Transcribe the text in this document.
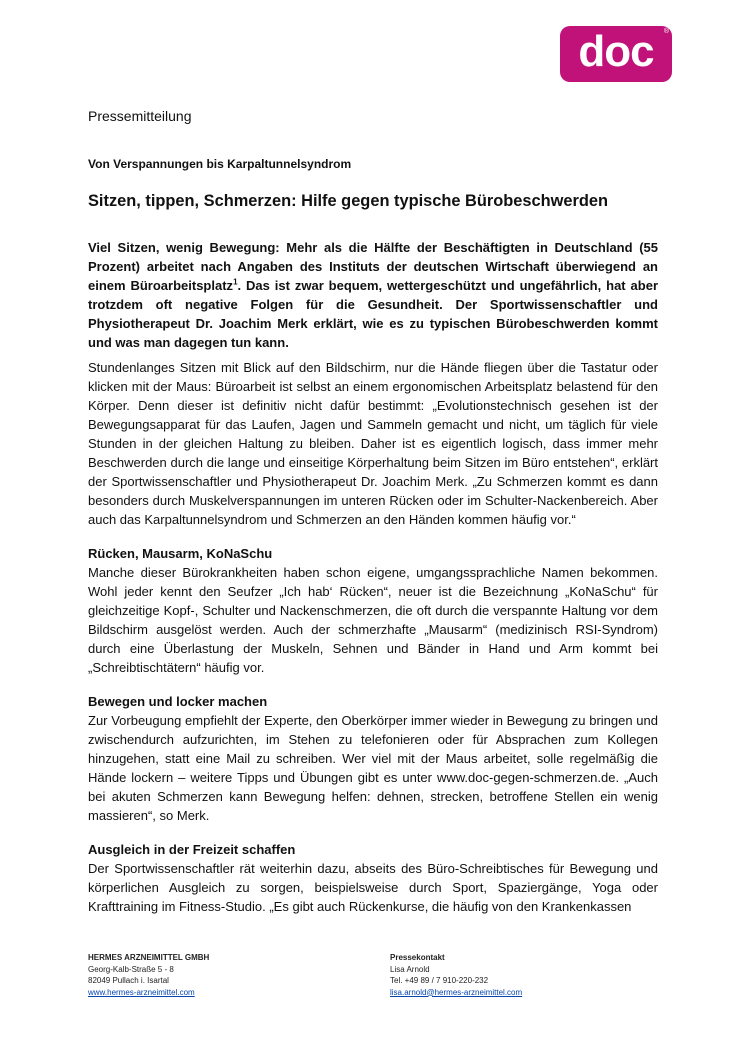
doc ®
Pressemitteilung
Von Verspannungen bis Karpaltunnelsyndrom
Sitzen, tippen, Schmerzen: Hilfe gegen typische Bürobeschwerden
Viel Sitzen, wenig Bewegung: Mehr als die Hälfte der Beschäftigten in Deutschland (55 Prozent) arbeitet nach Angaben des Instituts der deutschen Wirtschaft überwiegend an einem Büroarbeitsplatz$^1$. Das ist zwar bequem, wettergeschützt und ungefährlich, hat aber trotzdem oft negative Folgen für die Gesundheit. Der Sportwissenschaftler und Physiotherapeut Dr. Joachim Merk erklärt, wie es zu typischen Bürobeschwerden kommt und was man dagegen tun kann.

Stundenlanges Sitzen mit Blick auf den Bildschirm, nur die Hände fliegen über die Tastatur oder klicken mit der Maus: Büroarbeit ist selbst an einem ergonomischen Arbeitsplatz belastend für den Körper. Denn dieser ist definitiv nicht dafür bestimmt: „Evolutionstechnisch gesehen ist der Bewegungsapparat für das Laufen, Jagen und Sammeln gemacht und nicht, um täglich für viele Stunden in der gleichen Haltung zu bleiben. Daher ist es eigentlich logisch, dass immer mehr Beschwerden durch die lange und einseitige Körperhaltung beim Sitzen im Büro entstehen“, erklärt der Sportwissenschaftler und Physiotherapeut Dr. Joachim Merk. „Zu Schmerzen kommt es dann besonders durch Muskelverspannungen im unteren Rücken oder im Schulter-Nackenbereich. Aber auch das Karpaltunnelsyndrom und Schmerzen an den Händen kommen häufig vor.“

Rücken, Mausarm, KoNaSchu
Manche dieser Bürokrankheiten haben schon eigene, umgangssprachliche Namen bekommen. Wohl jeder kennt den Seufzer „Ich hab‘ Rücken“, neuer ist die Bezeichnung „KoNaSchu“ für gleichzeitige Kopf-, Schulter und Nackenschmerzen, die oft durch die verspannte Haltung vor dem Bildschirm ausgelöst werden. Auch der schmerzhafte „Mausarm“ (medizinisch RSI-Syndrom) durch eine Überlastung der Muskeln, Sehnen und Bänder in Hand und Arm kommt bei „Schreibtischtätern“ häufig vor.
Bewegen und locker machen
Zur Vorbeugung empfiehlt der Experte, den Oberkörper immer wieder in Bewegung zu bringen und zwischendurch aufzurichten, im Stehen zu telefonieren oder für Absprachen zum Kollegen hinzugehen, statt eine Mail zu schreiben. Wer viel mit der Maus arbeitet, solle regelmäßig die Hände lockern – weitere Tipps und Übungen gibt es unter www.doc-gegen-schmerzen.de. „Auch bei akuten Schmerzen kann Bewegung helfen: dehnen, strecken, betroffene Stellen ein wenig massieren“, so Merk.
Ausgleich in der Freizeit schaffen
Der Sportwissenschaftler rät weiterhin dazu, abseits des Büro-Schreibtisches für Bewegung und körperlichen Ausgleich zu sorgen, beispielsweise durch Sport, Spaziergänge, Yoga oder Krafttraining im Fitness-Studio. „Es gibt auch Rückenkurse, die häufig von den Krankenkassen
HERMES ARZNEIMITTEL GMBH
Georg-Kalb-Straße 5 - 8
82049 Pullach i. Isartal
www.hermes-arzneimittel.com
Pressekontakt
Lisa Arnold
Tel. +49 89 / 7 910-220-232
lisa.arnold@hermes-arzneimittel.com
